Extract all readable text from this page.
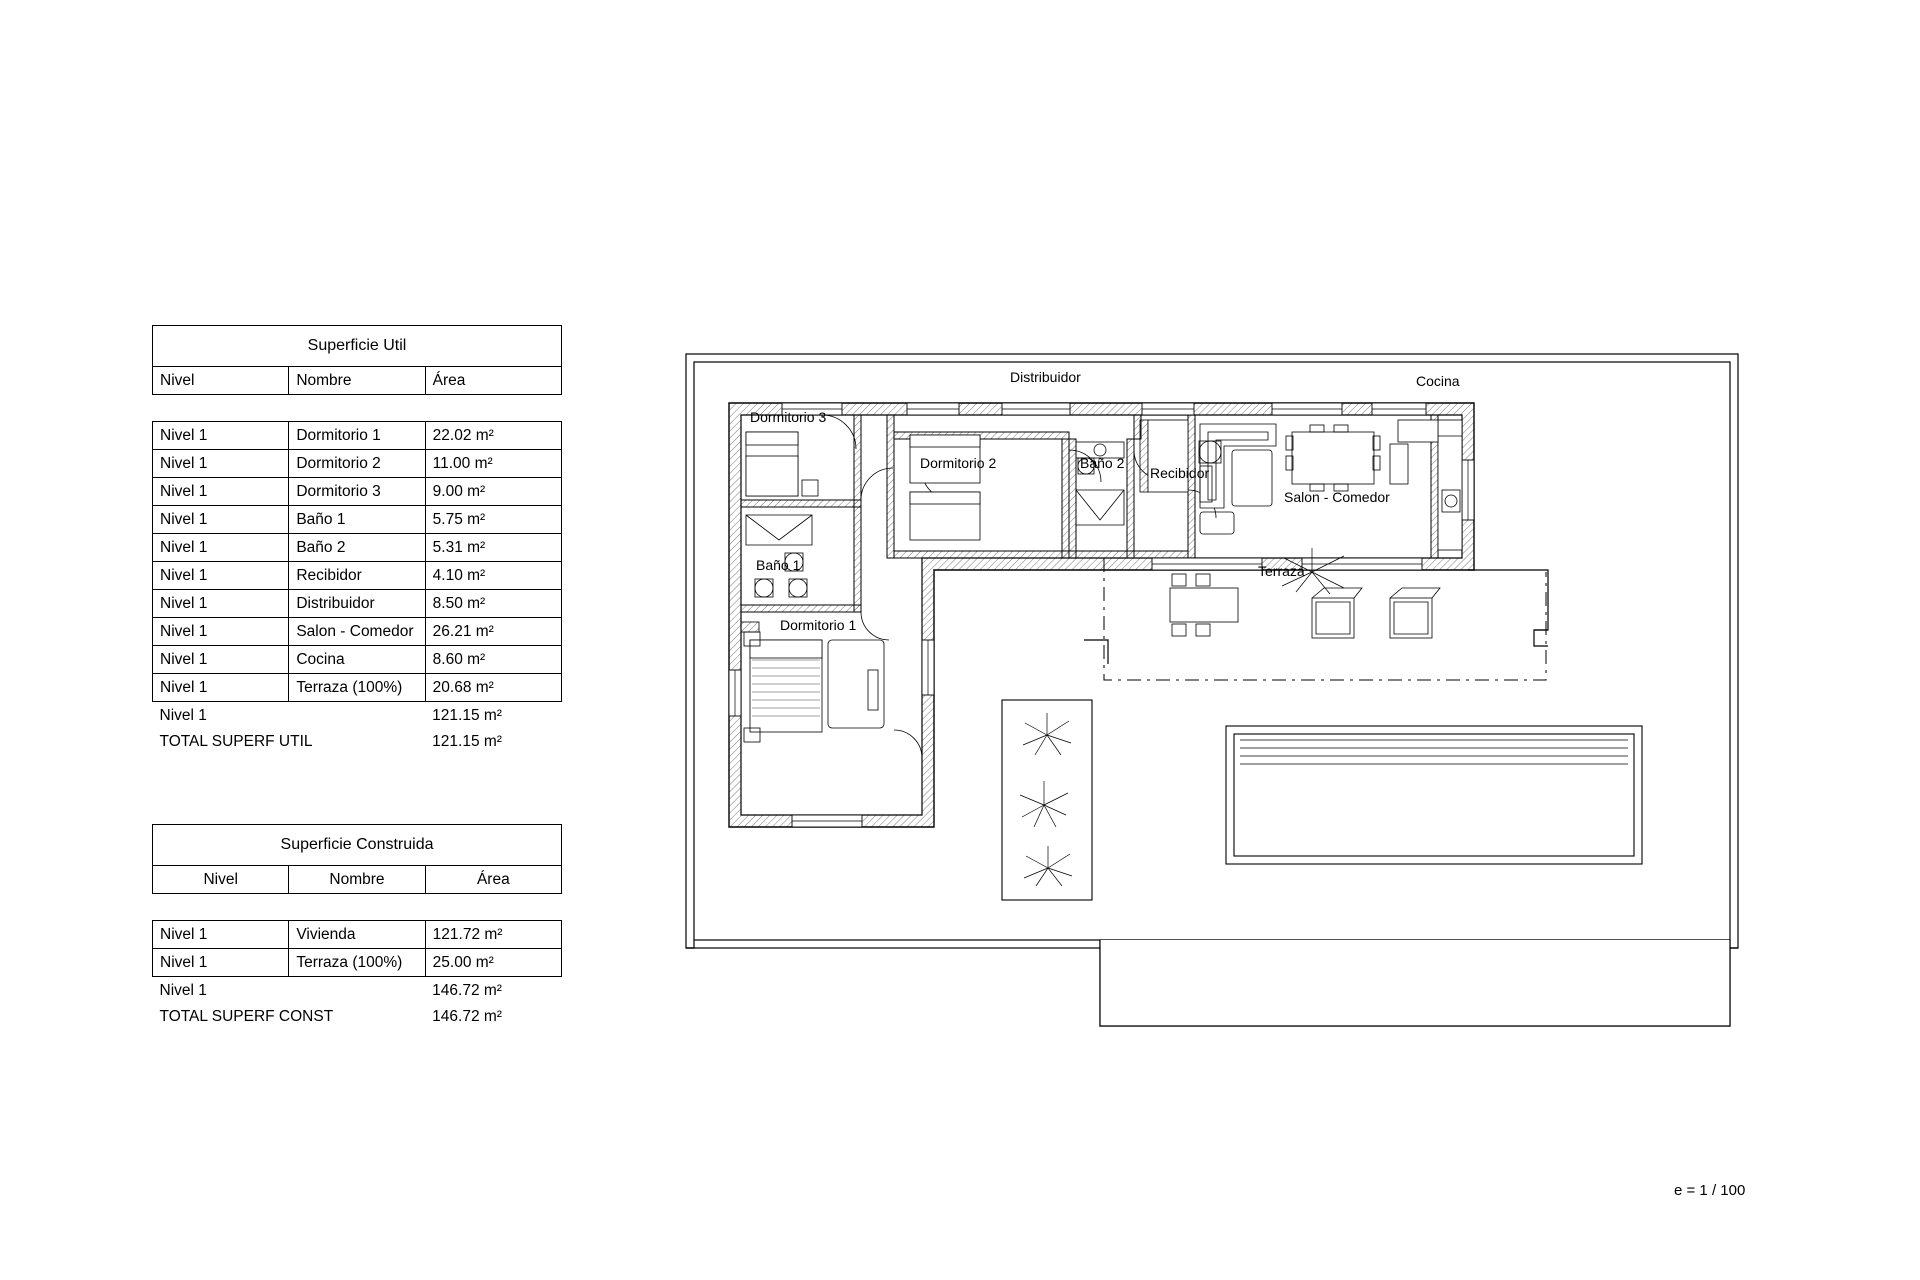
Superficie Util		
Nivel	Nombre	Área

Nivel 1	Dormitorio 1	22.02 m²
Nivel 1	Dormitorio 2	11.00 m²
Nivel 1	Dormitorio 3	9.00 m²
Nivel 1	Baño 1	5.75 m²
Nivel 1	Baño 2	5.31 m²
Nivel 1	Recibidor	4.10 m²
Nivel 1	Distribuidor	8.50 m²
Nivel 1	Salon - Comedor	26.21 m²
Nivel 1	Cocina	8.60 m²
Nivel 1	Terraza (100%)	20.68 m²
Nivel 1		121.15 m²
TOTAL SUPERF UTIL		121.15 m²
Superficie Construida		
Nivel	Nombre	Área

Nivel 1	Vivienda	121.72 m²
Nivel 1	Terraza (100%)	25.00 m²
Nivel 1		146.72 m²
TOTAL SUPERF CONST		146.72 m²
Dormitorio 3
Distribuidor
Dormitorio 2	Baño 2
Recibidor
Salon - Comedor
Cocina
Baño 1
Dormitorio 1
Terraza
e = 1 / 100
